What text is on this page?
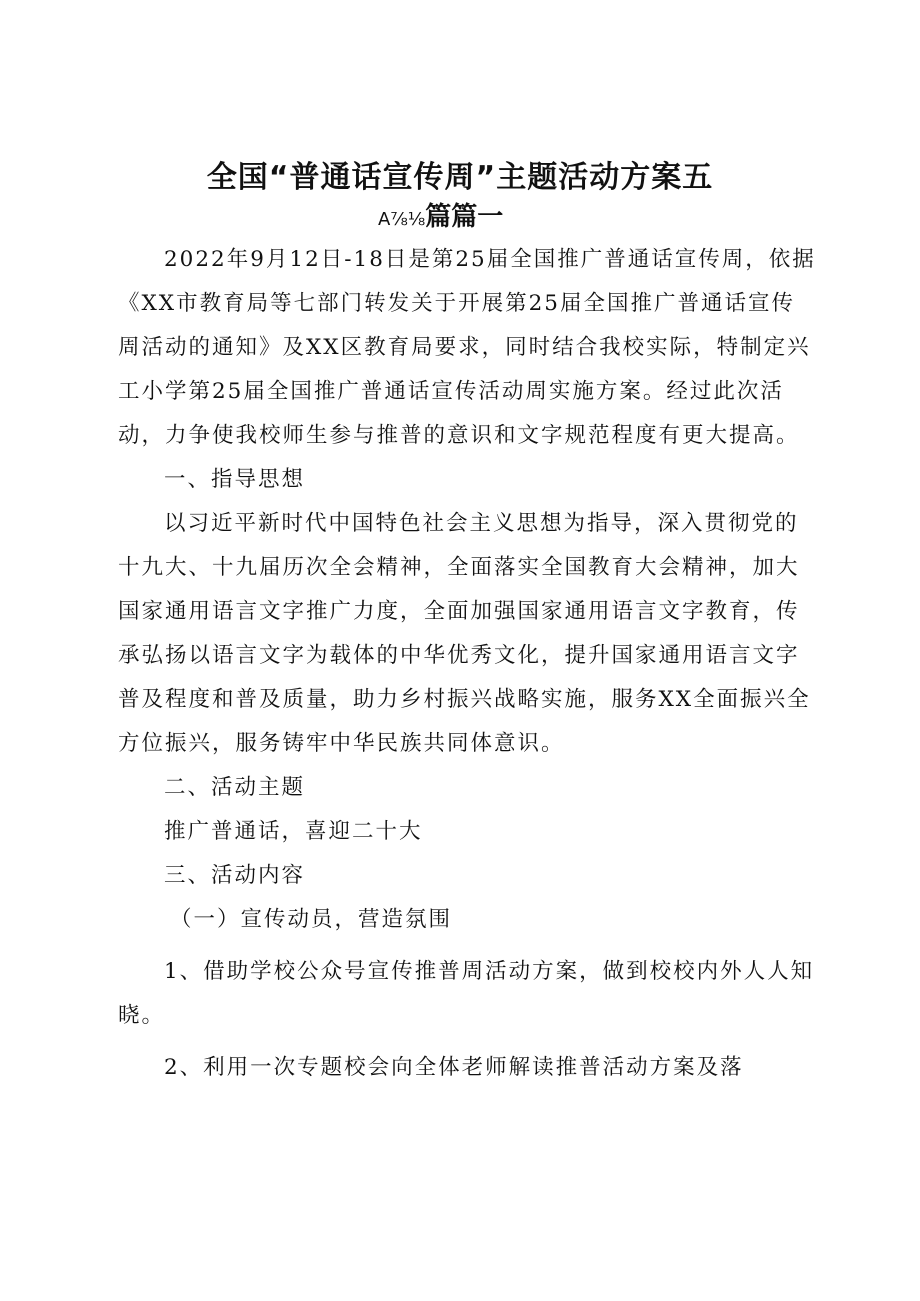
全国“普通话宣传周”主题活动方案五
A⅞⅛篇篇一

2022年9月12日-18日是第25届全国推广普通话宣传周，依据《XX市教育局等七部门转发关于开展第25届全国推广普通话宣传周活动的通知》及XX区教育局要求，同时结合我校实际，特制定兴工小学第25届全国推广普通话宣传活动周实施方案。经过此次活动，力争使我校师生参与推普的意识和文字规范程度有更大提高。

一、指导思想

以习近平新时代中国特色社会主义思想为指导，深入贯彻党的十九大、十九届历次全会精神，全面落实全国教育大会精神，加大国家通用语言文字推广力度，全面加强国家通用语言文字教育，传承弘扬以语言文字为载体的中华优秀文化，提升国家通用语言文字普及程度和普及质量，助力乡村振兴战略实施，服务XX全面振兴全方位振兴，服务铸牢中华民族共同体意识。

二、活动主题

推广普通话，喜迎二十大

三、活动内容

（一）宣传动员，营造氛围

1、借助学校公众号宣传推普周活动方案，做到校校内外人人知晓。

2、利用一次专题校会向全体老师解读推普活动方案及落
